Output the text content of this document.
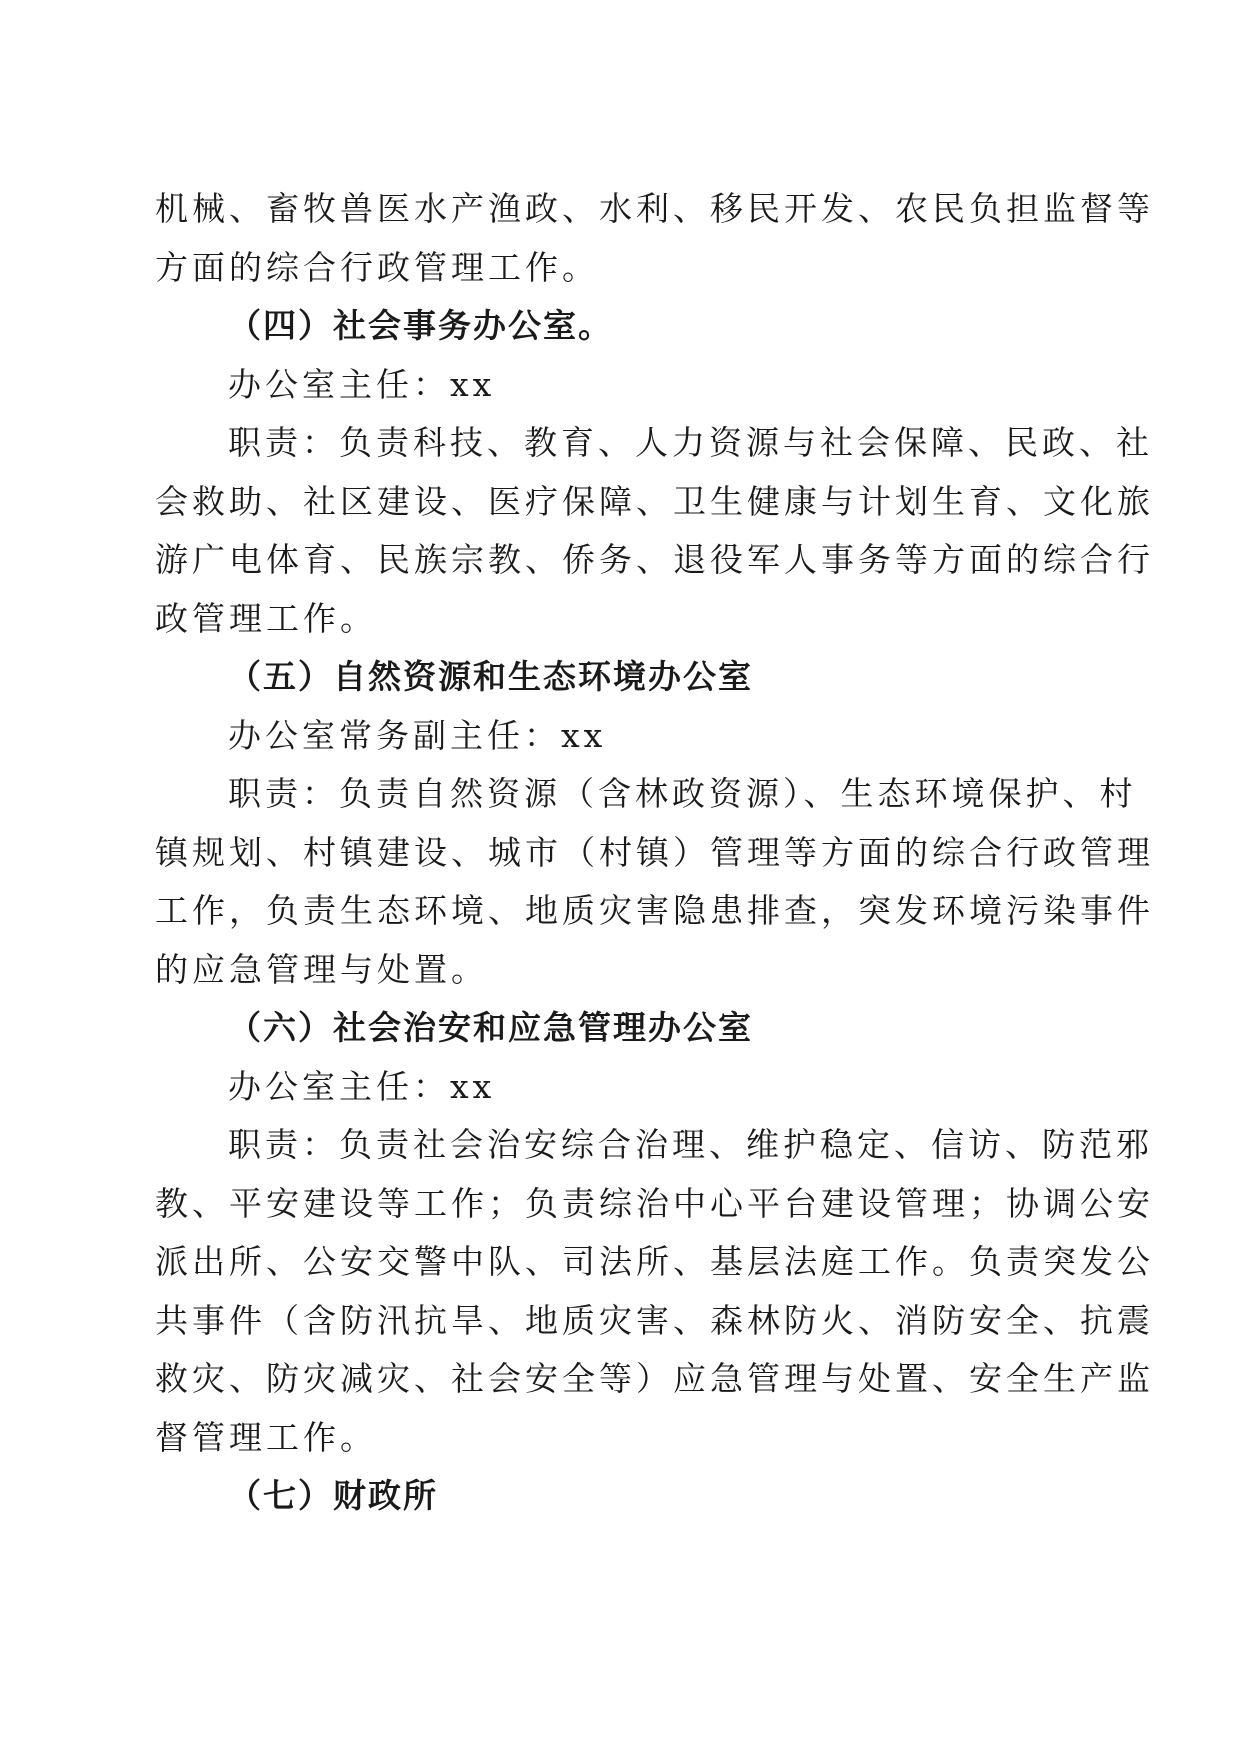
机械、畜牧兽医水产渔政、水利、移民开发、农民负担监督等
方面的综合行政管理工作。
（四）社会事务办公室。
办公室主任：xx
职责：负责科技、教育、人力资源与社会保障、民政、社
会救助、社区建设、医疗保障、卫生健康与计划生育、文化旅
游广电体育、民族宗教、侨务、退役军人事务等方面的综合行
政管理工作。
（五）自然资源和生态环境办公室
办公室常务副主任：xx
职责：负责自然资源（含林政资源）、生态环境保护、村
镇规划、村镇建设、城市（村镇）管理等方面的综合行政管理
工作，负责生态环境、地质灾害隐患排查，突发环境污染事件
的应急管理与处置。
（六）社会治安和应急管理办公室
办公室主任：xx
职责：负责社会治安综合治理、维护稳定、信访、防范邪
教、平安建设等工作；负责综治中心平台建设管理；协调公安
派出所、公安交警中队、司法所、基层法庭工作。负责突发公
共事件（含防汛抗旱、地质灾害、森林防火、消防安全、抗震
救灾、防灾减灾、社会安全等）应急管理与处置、安全生产监
督管理工作。
（七）财政所
